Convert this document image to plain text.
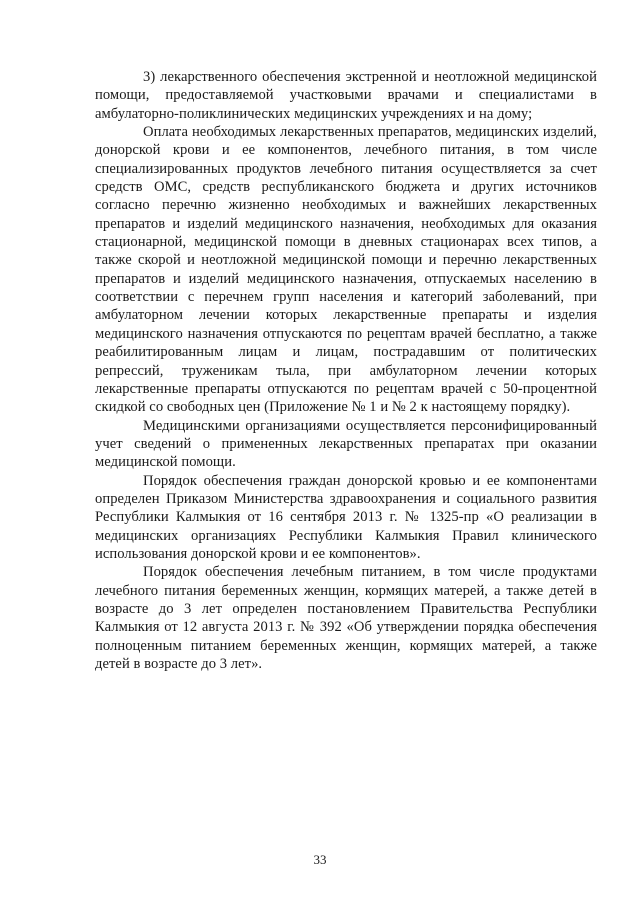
3) лекарственного обеспечения экстренной и неотложной медицинской помощи, предоставляемой участковыми врачами и специалистами в амбулаторно-поликлинических медицинских учреждениях и на дому;

Оплата необходимых лекарственных препаратов, медицинских изделий, донорской крови и ее компонентов, лечебного питания, в том числе специализированных продуктов лечебного питания осуществляется за счет средств ОМС, средств республиканского бюджета и других источников согласно перечню жизненно необходимых и важнейших лекарственных препаратов и изделий медицинского назначения, необходимых для оказания стационарной, медицинской помощи в дневных стационарах всех типов, а также скорой и неотложной медицинской помощи и перечню лекарственных препаратов и изделий медицинского назначения, отпускаемых населению в соответствии с перечнем групп населения и категорий заболеваний, при амбулаторном лечении которых лекарственные препараты и изделия медицинского назначения отпускаются по рецептам врачей бесплатно, а также реабилитированным лицам и лицам, пострадавшим от политических репрессий, труженикам тыла, при амбулаторном лечении которых лекарственные препараты отпускаются по рецептам врачей с 50-процентной скидкой со свободных цен (Приложение № 1 и № 2 к настоящему порядку).

Медицинскими организациями осуществляется персонифицированный учет сведений о примененных лекарственных препаратах при оказании медицинской помощи.

Порядок обеспечения граждан донорской кровью и ее компонентами определен Приказом Министерства здравоохранения и социального развития Республики Калмыкия от 16 сентября 2013 г. № 1325-пр «О реализации в медицинских организациях Республики Калмыкия Правил клинического использования донорской крови и ее компонентов».

Порядок обеспечения лечебным питанием, в том числе продуктами лечебного питания беременных женщин, кормящих матерей, а также детей в возрасте до 3 лет определен постановлением Правительства Республики Калмыкия от 12 августа 2013 г. № 392 «Об утверждении порядка обеспечения полноценным питанием беременных женщин, кормящих матерей, а также детей в возрасте до 3 лет».

33
